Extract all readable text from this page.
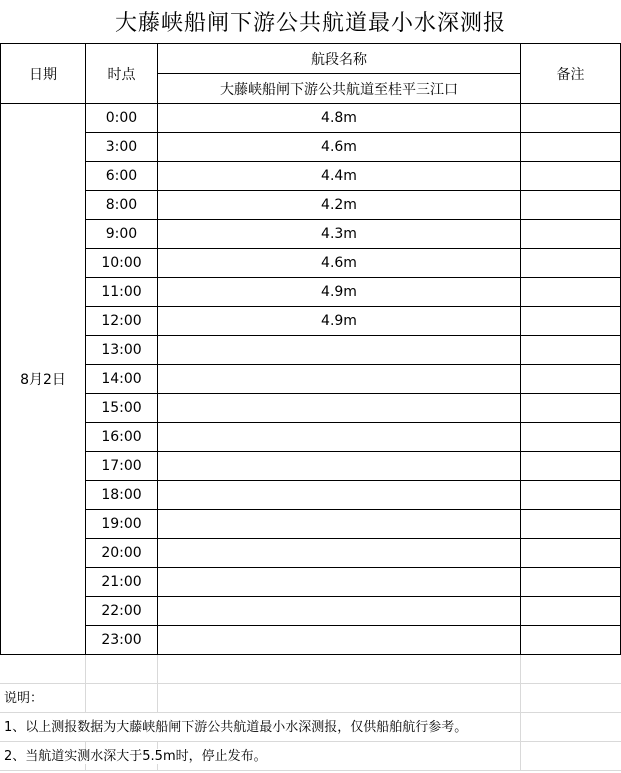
大藤峡船闸下游公共航道最小水深测报
日期	时点	航段名称	备注
		大藤峡船闸下游公共航道至桂平三江口	
8月2日	0:00	4.8m	
	3:00	4.6m	
	6:00	4.4m	
	8:00	4.2m	
	9:00	4.3m	
	10:00	4.6m	
	11:00	4.9m	
	12:00	4.9m	
	13:00		
	14:00		
	15:00		
	16:00		
	17:00		
	18:00		
	19:00		
	20:00		
	21:00		
	22:00		
	23:00		
说明：
1、以上测报数据为大藤峡船闸下游公共航道最小水深测报，仅供船舶航行参考。
2、当航道实测水深大于5.5m时，停止发布。
